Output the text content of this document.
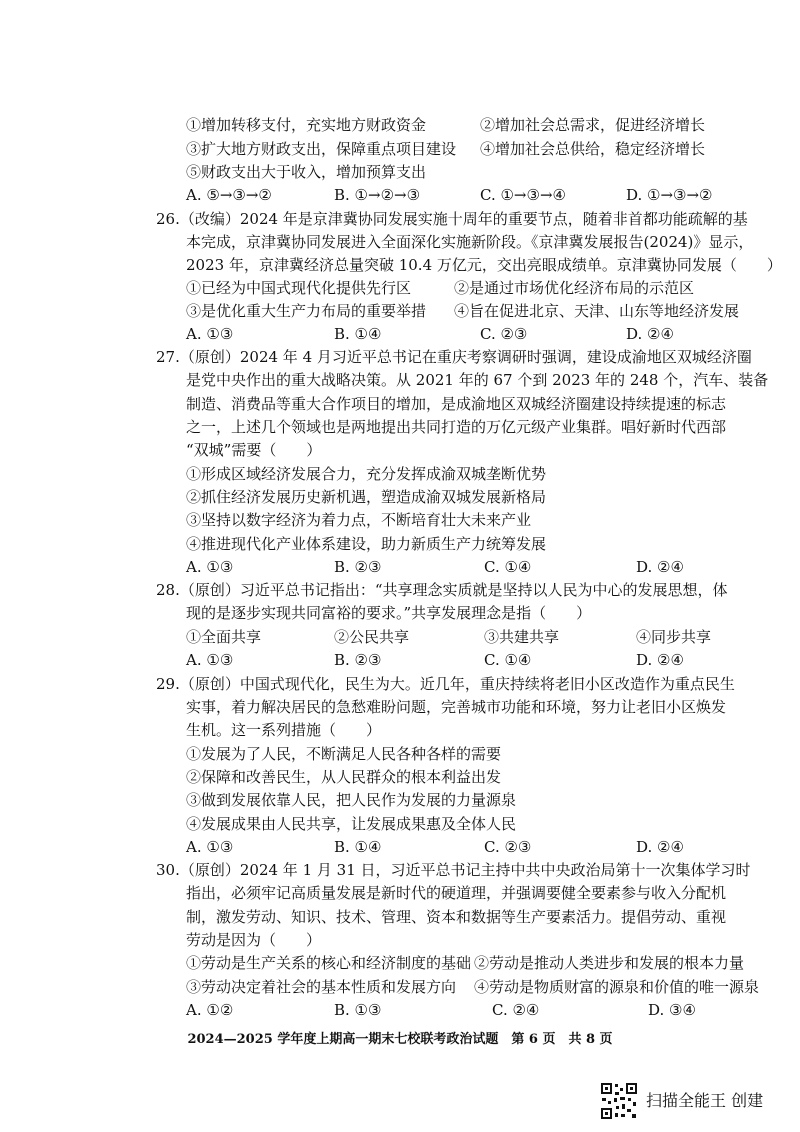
①增加转移支付，充实地方财政资金	②增加社会总需求，促进经济增长
③扩大地方财政支出，保障重点项目建设 ④增加社会总供给，稳定经济增长
⑤财政支出大于收入，增加预算支出
A. ⑤→③→②	B. ①→②→③	C. ①→③→④	D. ①→③→②
26.（改编）2024 年是京津冀协同发展实施十周年的重要节点，随着非首都功能疏解的基
本完成，京津冀协同发展进入全面深化实施新阶段。《京津冀发展报告(2024)》显示，
2023 年，京津冀经济总量突破 10.4 万亿元，交出亮眼成绩单。京津冀协同发展（　　）
①已经为中国式现代化提供先行区	②是通过市场优化经济布局的示范区
③是优化重大生产力布局的重要举措 ④旨在促进北京、天津、山东等地经济发展
A. ①③	B. ①④	C. ②③	D. ②④
27.（原创）2024 年 4 月习近平总书记在重庆考察调研时强调，建设成渝地区双城经济圈
是党中央作出的重大战略决策。从 2021 年的 67 个到 2023 年的 248 个，汽车、装备
制造、消费品等重大合作项目的增加，是成渝地区双城经济圈建设持续提速的标志
之一，上述几个领域也是两地提出共同打造的万亿元级产业集群。唱好新时代西部
“双城”需要（　　）
①形成区域经济发展合力，充分发挥成渝双城垄断优势
②抓住经济发展历史新机遇，塑造成渝双城发展新格局
③坚持以数字经济为着力点，不断培育壮大未来产业
④推进现代化产业体系建设，助力新质生产力统筹发展
A. ①③	B. ②③	C. ①④	D. ②④
28.（原创）习近平总书记指出：“共享理念实质就是坚持以人民为中心的发展思想，体
现的是逐步实现共同富裕的要求。”共享发展理念是指（　　）
①全面共享	②公民共享	③共建共享	④同步共享
A. ①③	B. ②③	C. ①④	D. ②④
29.（原创）中国式现代化，民生为大。近几年，重庆持续将老旧小区改造作为重点民生
实事，着力解决居民的急愁难盼问题，完善城市功能和环境，努力让老旧小区焕发
生机。这一系列措施（　　）
①发展为了人民，不断满足人民各种各样的需要
②保障和改善民生，从人民群众的根本利益出发
③做到发展依靠人民，把人民作为发展的力量源泉
④发展成果由人民共享，让发展成果惠及全体人民
A. ①③	B. ①④	C. ②③	D. ②④
30.（原创）2024 年 1 月 31 日，习近平总书记主持中共中央政治局第十一次集体学习时
指出，必须牢记高质量发展是新时代的硬道理，并强调要健全要素参与收入分配机
制，激发劳动、知识、技术、管理、资本和数据等生产要素活力。提倡劳动、重视
劳动是因为（　　）
①劳动是生产关系的核心和经济制度的基础 ②劳动是推动人类进步和发展的根本力量
③劳动决定着社会的基本性质和发展方向 ④劳动是物质财富的源泉和价值的唯一源泉
A. ①②	B. ①③	C. ②④	D. ③④
2024—2025 学年度上期高一期末七校联考政治试题　第 6 页　共 8 页
扫描全能王 创建
